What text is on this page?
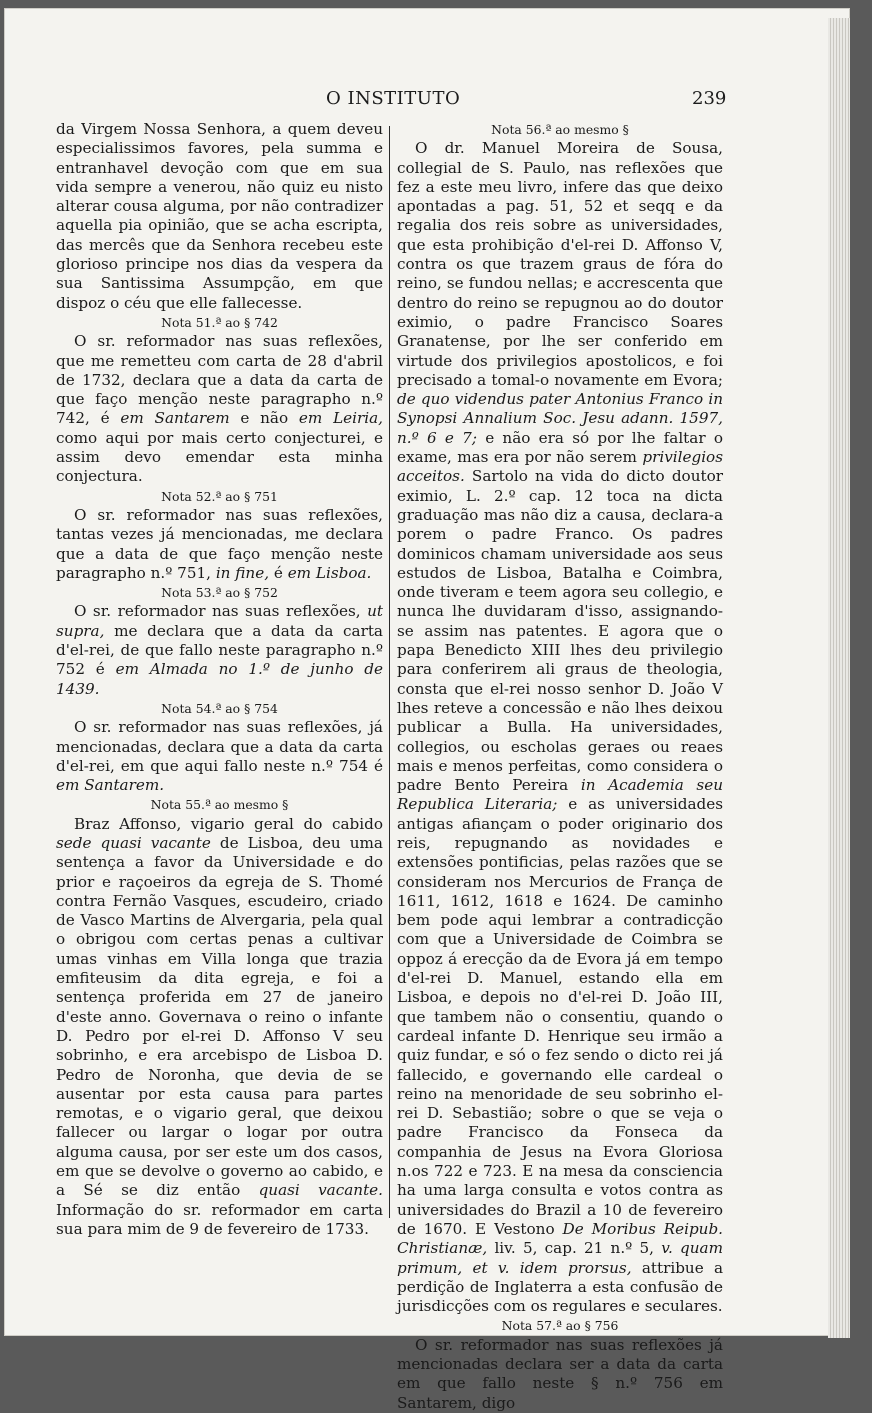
O INSTITUTO	239

da Virgem Nossa Senhora, a quem deveu especialissimos favores, pela summa e entranhavel devoção com que em sua vida sempre a venerou, não quiz eu nisto alterar cousa alguma, por não contradizer aquella pia opinião, que se acha escripta, das mercês que da Senhora recebeu este glorioso principe nos dias da vespera da sua Santissima Assumpção, em que dispoz o céu que elle fallecesse.

Nota 51.ª ao § 742

O sr. reformador nas suas reflexões, que me remetteu com carta de 28 d'abril de 1732, declara que a data da carta de que faço menção neste paragrapho n.º 742, é em Santarem e não em Leiria, como aqui por mais certo conjecturei, e assim devo emendar esta minha conjectura.

Nota 52.ª ao § 751

O sr. reformador nas suas reflexões, tantas vezes já mencionadas, me declara que a data de que faço menção neste paragrapho n.º 751, in fine, é em Lisboa.

Nota 53.ª ao § 752

O sr. reformador nas suas reflexões, ut supra, me declara que a data da carta d'el-rei, de que fallo neste paragrapho n.º 752 é em Almada no 1.º de junho de 1439.

Nota 54.ª ao § 754

O sr. reformador nas suas reflexões, já mencionadas, declara que a data da carta d'el-rei, em que aqui fallo neste n.º 754 é em Santarem.

Nota 55.ª ao mesmo §

Braz Affonso, vigario geral do cabido sede quasi vacante de Lisboa, deu uma sentença a favor da Universidade e do prior e raçoeiros da egreja de S. Thomé contra Fernão Vasques, escudeiro, criado de Vasco Martins de Alvergaria, pela qual o obrigou com certas penas a cultivar umas vinhas em Villa longa que trazia emfiteusim da dita egreja, e foi a sentença proferida em 27 de janeiro d'este anno. Governava o reino o infante D. Pedro por el-rei D. Affonso V seu sobrinho, e era arcebispo de Lisboa D. Pedro de Noronha, que devia de se ausentar por esta causa para partes remotas, e o vigario geral, que deixou fallecer ou largar o logar por outra alguma causa, por ser este um dos casos, em que se devolve o governo ao cabido, e a Sé se diz então quasi vacante. Informação do sr. reformador em carta sua para mim de 9 de fevereiro de 1733.

Nota 56.ª ao mesmo §

O dr. Manuel Moreira de Sousa, collegial de S. Paulo, nas reflexões que fez a este meu livro, infere das que deixo apontadas a pag. 51, 52 et seqq e da regalia dos reis sobre as universidades, que esta prohibição d'el-rei D. Affonso V, contra os que trazem graus de fóra do reino, se fundou nellas; e accrescenta que dentro do reino se repugnou ao do doutor eximio, o padre Francisco Soares Granatense, por lhe ser conferido em virtude dos privilegios apostolicos, e foi precisado a tomal-o novamente em Evora; de quo videndus pater Antonius Franco in Synopsi Annalium Soc. Jesu adann. 1597, n.º 6 e 7; e não era só por lhe faltar o exame, mas era por não serem privilegios acceitos. Sartolo na vida do dicto doutor eximio, L. 2.º cap. 12 toca na dicta graduação mas não diz a causa, declara-a porem o padre Franco. Os padres dominicos chamam universidade aos seus estudos de Lisboa, Batalha e Coimbra, onde tiveram e teem agora seu collegio, e nunca lhe duvidaram d'isso, assignando-se assim nas patentes. E agora que o papa Benedicto XIII lhes deu privilegio para conferirem ali graus de theologia, consta que el-rei nosso senhor D. João V lhes reteve a concessão e não lhes deixou publicar a Bulla. Ha universidades, collegios, ou escholas geraes ou reaes mais e menos perfeitas, como considera o padre Bento Pereira in Academia seu Republica Literaria; e as universidades antigas afiançam o poder originario dos reis, repugnando as novidades e extensões pontificias, pelas razões que se consideram nos Mercurios de França de 1611, 1612, 1618 e 1624. De caminho bem pode aqui lembrar a contradicção com que a Universidade de Coimbra se oppoz á erecção da de Evora já em tempo d'el-rei D. Manuel, estando ella em Lisboa, e depois no d'el-rei D. João III, que tambem não o consentiu, quando o cardeal infante D. Henrique seu irmão a quiz fundar, e só o fez sendo o dicto rei já fallecido, e governando elle cardeal o reino na menoridade de seu sobrinho el-rei D. Sebastião; sobre o que se veja o padre Francisco da Fonseca da companhia de Jesus na Evora Gloriosa n.os 722 e 723. E na mesa da consciencia ha uma larga consulta e votos contra as universidades do Brazil a 10 de fevereiro de 1670. E Vestono De Moribus Reipub. Christianæ, liv. 5, cap. 21 n.º 5, v. quam primum, et v. idem prorsus, attribue a perdição de Inglaterra a esta confusão de jurisdicções com os regulares e seculares.

Nota 57.ª ao § 756

O sr. reformador nas suas reflexões já mencionadas declara ser a data da carta em que fallo neste § n.º 756 em Santarem, digo
